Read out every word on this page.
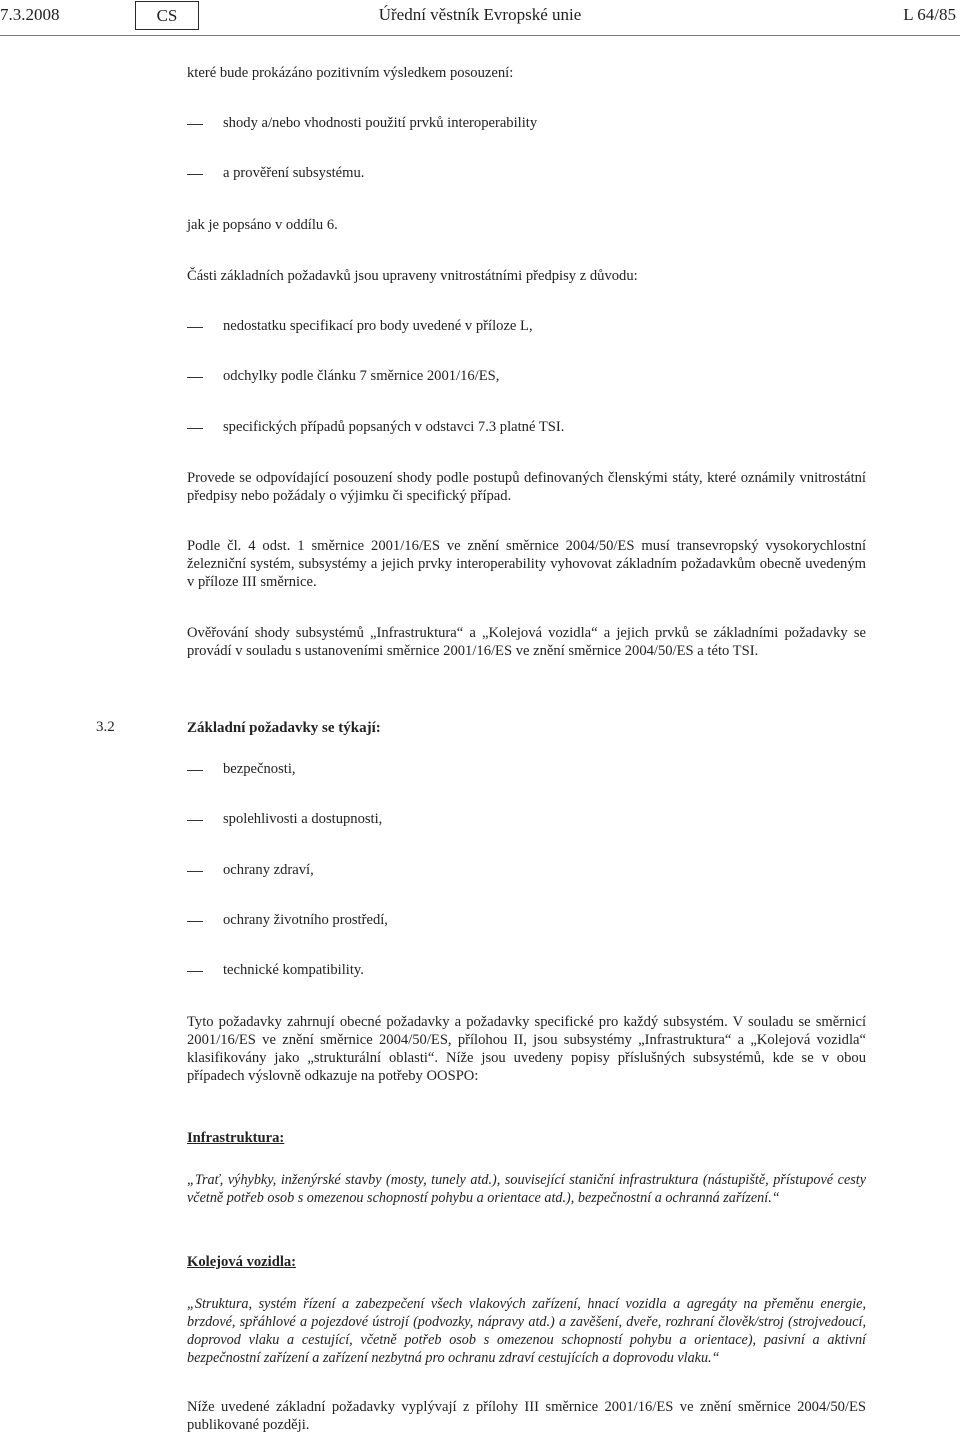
7.3.2008	CS	Úřední věstník Evropské unie	L 64/85
které bude prokázáno pozitivním výsledkem posouzení:
shody a/nebo vhodnosti použití prvků interoperability
a prověření subsystému.
jak je popsáno v oddílu 6.
Části základních požadavků jsou upraveny vnitrostátními předpisy z důvodu:
nedostatku specifikací pro body uvedené v příloze L,
odchylky podle článku 7 směrnice 2001/16/ES,
specifických případů popsaných v odstavci 7.3 platné TSI.
Provede se odpovídající posouzení shody podle postupů definovaných členskými státy, které oznámily vnitrostátní předpisy nebo požádaly o výjimku či specifický případ.
Podle čl. 4 odst. 1 směrnice 2001/16/ES ve znění směrnice 2004/50/ES musí transevropský vysokorychlostní železniční systém, subsystémy a jejich prvky interoperability vyhovovat základním požadavkům obecně uvedeným v příloze III směrnice.
Ověřování shody subsystémů „Infrastruktura“ a „Kolejová vozidla“ a jejich prvků se základními požadavky se provádí v souladu s ustanoveními směrnice 2001/16/ES ve znění směrnice 2004/50/ES a této TSI.
3.2	Základní požadavky se týkají:
bezpečnosti,
spolehlivosti a dostupnosti,
ochrany zdraví,
ochrany životního prostředí,
technické kompatibility.
Tyto požadavky zahrnují obecné požadavky a požadavky specifické pro každý subsystém. V souladu se směrnicí 2001/16/ES ve znění směrnice 2004/50/ES, přílohou II, jsou subsystémy „Infrastruktura“ a „Kolejová vozidla“ klasifikovány jako „strukturální oblasti“. Níže jsou uvedeny popisy příslušných subsystémů, kde se v obou případech výslovně odkazuje na potřeby OOSPO:
Infrastruktura:
„Trať, výhybky, inženýrské stavby (mosty, tunely atd.), související staniční infrastruktura (nástupiště, přístupové cesty včetně potřeb osob s omezenou schopností pohybu a orientace atd.), bezpečnostní a ochranná zařízení.“
Kolejová vozidla:
„Struktura, systém řízení a zabezpečení všech vlakových zařízení, hnací vozidla a agregáty na přeměnu energie, brzdové, spřáhlové a pojezdové ústrojí (podvozky, nápravy atd.) a zavěšení, dveře, rozhraní člověk/stroj (strojvedoucí, doprovod vlaku a cestující, včetně potřeb osob s omezenou schopností pohybu a orientace), pasivní a aktivní bezpečnostní zařízení a zařízení nezbytná pro ochranu zdraví cestujících a doprovodu vlaku.“
Níže uvedené základní požadavky vyplývají z přílohy III směrnice 2001/16/ES ve znění směrnice 2004/50/ES publikované později.
